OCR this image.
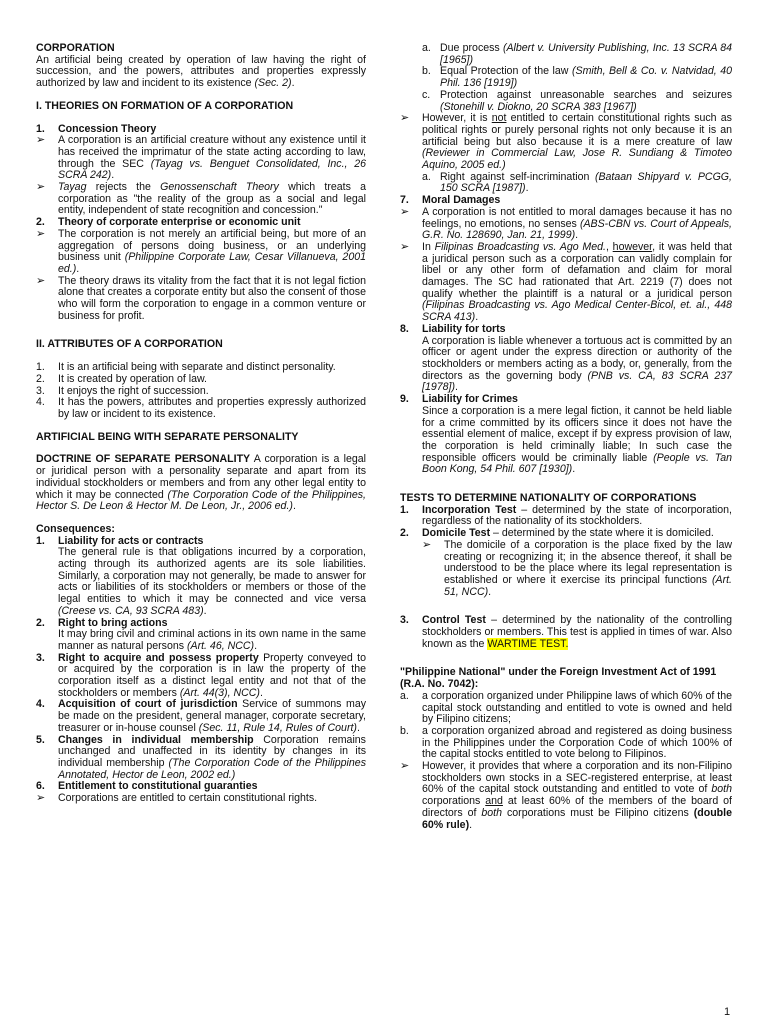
CORPORATION

An artificial being created by operation of law having the right of succession, and the powers, attributes and properties expressly authorized by law and incident to its existence (Sec. 2).

I. THEORIES ON FORMATION OF A CORPORATION

1.	Concession Theory
➢	A corporation is an artificial creature without any existence until it has received the imprimatur of the state acting according to law, through the SEC (Tayag vs. Benguet Consolidated, Inc., 26 SCRA 242).
➢	Tayag rejects the Genossenschaft Theory which treats a corporation as "the reality of the group as a social and legal entity, independent of state recognition and concession."
2.	Theory of corporate enterprise or economic unit
➢	The corporation is not merely an artificial being, but more of an aggregation of persons doing business, or an underlying business unit (Philippine Corporate Law, Cesar Villanueva, 2001 ed.).
➢	The theory draws its vitality from the fact that it is not legal fiction alone that creates a corporate entity but also the consent of those who will form the corporation to engage in a common venture or business for profit.

II. ATTRIBUTES OF A CORPORATION

1.	It is an artificial being with separate and distinct personality.
2.	It is created by operation of law.
3.	It enjoys the right of succession.
4.	It has the powers, attributes and properties expressly authorized by law or incident to its existence.

ARTIFICIAL BEING WITH SEPARATE PERSONALITY

DOCTRINE OF SEPARATE PERSONALITY A corporation is a legal or juridical person with a personality separate and apart from its individual stockholders or members and from any other legal entity to which it may be connected (The Corporation Code of the Philippines, Hector S. De Leon & Hector M. De Leon, Jr., 2006 ed.).

Consequences:

1.	Liability for acts or contracts

The general rule is that obligations incurred by a corporation, acting through its authorized agents are its sole liabilities. Similarly, a corporation may not generally, be made to answer for acts or liabilities of its stockholders or members or those of the legal entities to which it may be connected and vice versa (Creese vs. CA, 93 SCRA 483).

2.	Right to bring actions

It may bring civil and criminal actions in its own name in the same manner as natural persons (Art. 46, NCC).

3.	Right to acquire and possess property Property conveyed to or acquired by the corporation is in law the property of the corporation itself as a distinct legal entity and not that of the stockholders or members (Art. 44(3), NCC).
4.	Acquisition of court of jurisdiction Service of summons may be made on the president, general manager, corporate secretary, treasurer or in-house counsel (Sec. 11, Rule 14, Rules of Court).
5.	Changes in individual membership Corporation remains unchanged and unaffected in its identity by changes in its individual membership (The Corporation Code of the Philippines Annotated, Hector de Leon, 2002 ed.)
6.	Entitlement to constitutional guaranties
➢	Corporations are entitled to certain constitutional rights.
a. Due process (Albert v. University Publishing, Inc. 13 SCRA 84 [1965])
b. Equal Protection of the law (Smith, Bell & Co. v. Natvidad, 40 Phil. 136 [1919])
c. Protection against unreasonable searches and seizures (Stonehill v. Diokno, 20 SCRA 383 [1967])
➢	However, it is not entitled to certain constitutional rights such as political rights or purely personal rights not only because it is an artificial being but also because it is a mere creature of law (Reviewer in Commercial Law, Jose R. Sundiang & Timoteo Aquino, 2005 ed.)
a. Right against self-incrimination (Bataan Shipyard v. PCGG, 150 SCRA [1987]).
7.	Moral Damages
➢	A corporation is not entitled to moral damages because it has no feelings, no emotions, no senses (ABS-CBN vs. Court of Appeals, G.R. No. 128690, Jan. 21, 1999).
➢	In Filipinas Broadcasting vs. Ago Med., however, it was held that a juridical person such as a corporation can validly complain for libel or any other form of defamation and claim for moral damages. The SC had rationated that Art. 2219 (7) does not qualify whether the plaintiff is a natural or a juridical person (Filipinas Broadcasting vs. Ago Medical Center-Bicol, et. al., 448 SCRA 413).
8.	Liability for torts

A corporation is liable whenever a tortuous act is committed by an officer or agent under the express direction or authority of the stockholders or members acting as a body, or, generally, from the directors as the governing body (PNB vs. CA, 83 SCRA 237 [1978]).

9.	Liability for Crimes

Since a corporation is a mere legal fiction, it cannot be held liable for a crime committed by its officers since it does not have the essential element of malice, except if by express provision of law, the corporation is held criminally liable; In such case the responsible officers would be criminally liable (People vs. Tan Boon Kong, 54 Phil. 607 [1930]).

TESTS TO DETERMINE NATIONALITY OF CORPORATIONS

1.	Incorporation Test – determined by the state of incorporation, regardless of the nationality of its stockholders.
2.	Domicile Test – determined by the state where it is domiciled.
➢	The domicile of a corporation is the place fixed by the law creating or recognizing it; in the absence thereof, it shall be understood to be the place where its legal representation is established or where it exercise its principal functions (Art. 51, NCC).
3.	Control Test – determined by the nationality of the controlling stockholders or members. This test is applied in times of war. Also known as the WARTIME TEST.

"Philippine National" under the Foreign Investment Act of 1991 (R.A. No. 7042):

a.	a corporation organized under Philippine laws of which 60% of the capital stock outstanding and entitled to vote is owned and held by Filipino citizens;
b.	a corporation organized abroad and registered as doing business in the Philippines under the Corporation Code of which 100% of the capital stocks entitled to vote belong to Filipinos.
➢	However, it provides that where a corporation and its non-Filipino stockholders own stocks in a SEC-registered enterprise, at least 60% of the capital stock outstanding and entitled to vote of both corporations and at least 60% of the members of the board of directors of both corporations must be Filipino citizens (double 60% rule).
1
